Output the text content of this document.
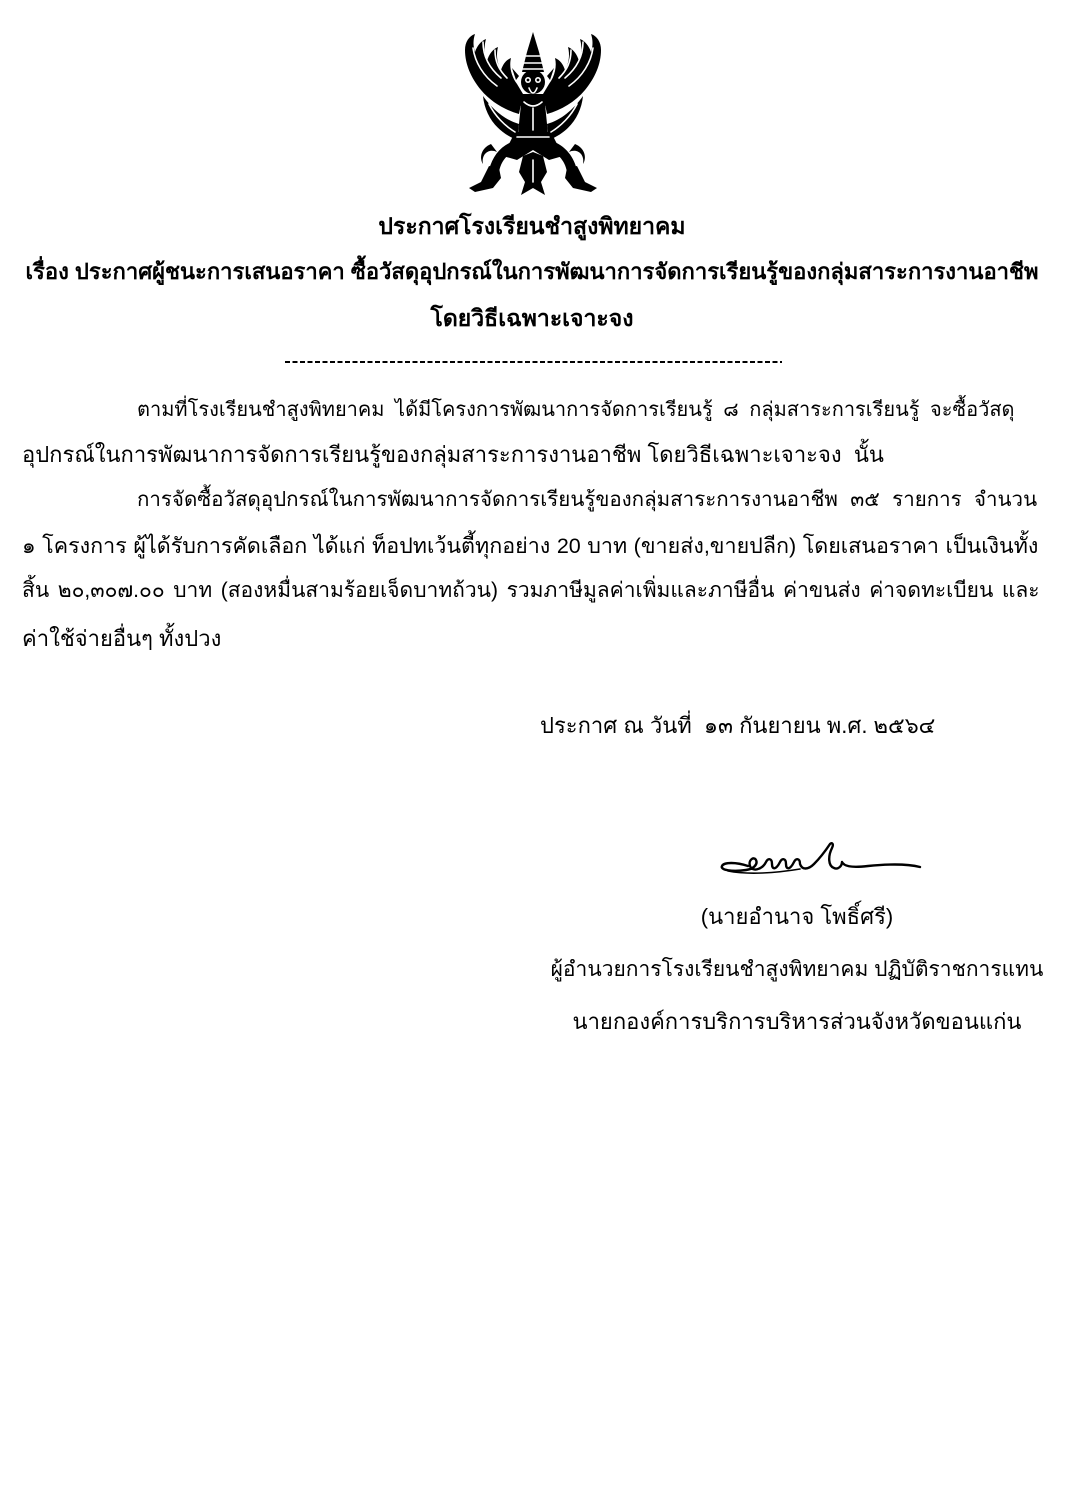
ประกาศโรงเรียนชำสูงพิทยาคม
เรื่อง ประกาศผู้ชนะการเสนอราคา ซื้อวัสดุอุปกรณ์ในการพัฒนาการจัดการเรียนรู้ของกลุ่มสาระการงานอาชีพ
โดยวิธีเฉพาะเจาะจง
ตามที่โรงเรียนชำสูงพิทยาคม ได้มีโครงการพัฒนาการจัดการเรียนรู้ ๘ กลุ่มสาระการเรียนรู้ จะซื้อวัสดุ
อุปกรณ์ในการพัฒนาการจัดการเรียนรู้ของกลุ่มสาระการงานอาชีพ โดยวิธีเฉพาะเจาะจง  นั้น
การจัดซื้อวัสดุอุปกรณ์ในการพัฒนาการจัดการเรียนรู้ของกลุ่มสาระการงานอาชีพ ๓๕ รายการ จำนวน
๑ โครงการ ผู้ได้รับการคัดเลือก ได้แก่ ท็อปทเว้นตี้ทุกอย่าง 20 บาท (ขายส่ง,ขายปลีก) โดยเสนอราคา เป็นเงินทั้ง
สิ้น ๒๐,๓๐๗.๐๐ บาท (สองหมื่นสามร้อยเจ็ดบาทถ้วน) รวมภาษีมูลค่าเพิ่มและภาษีอื่น ค่าขนส่ง ค่าจดทะเบียน และ
ค่าใช้จ่ายอื่นๆ ทั้งปวง
ประกาศ ณ วันที่  ๑๓ กันยายน พ.ศ. ๒๕๖๔
(นายอำนาจ โพธิ์ศรี)
ผู้อำนวยการโรงเรียนชำสูงพิทยาคม ปฏิบัติราชการแทน
นายกองค์การบริการบริหารส่วนจังหวัดขอนแก่น
